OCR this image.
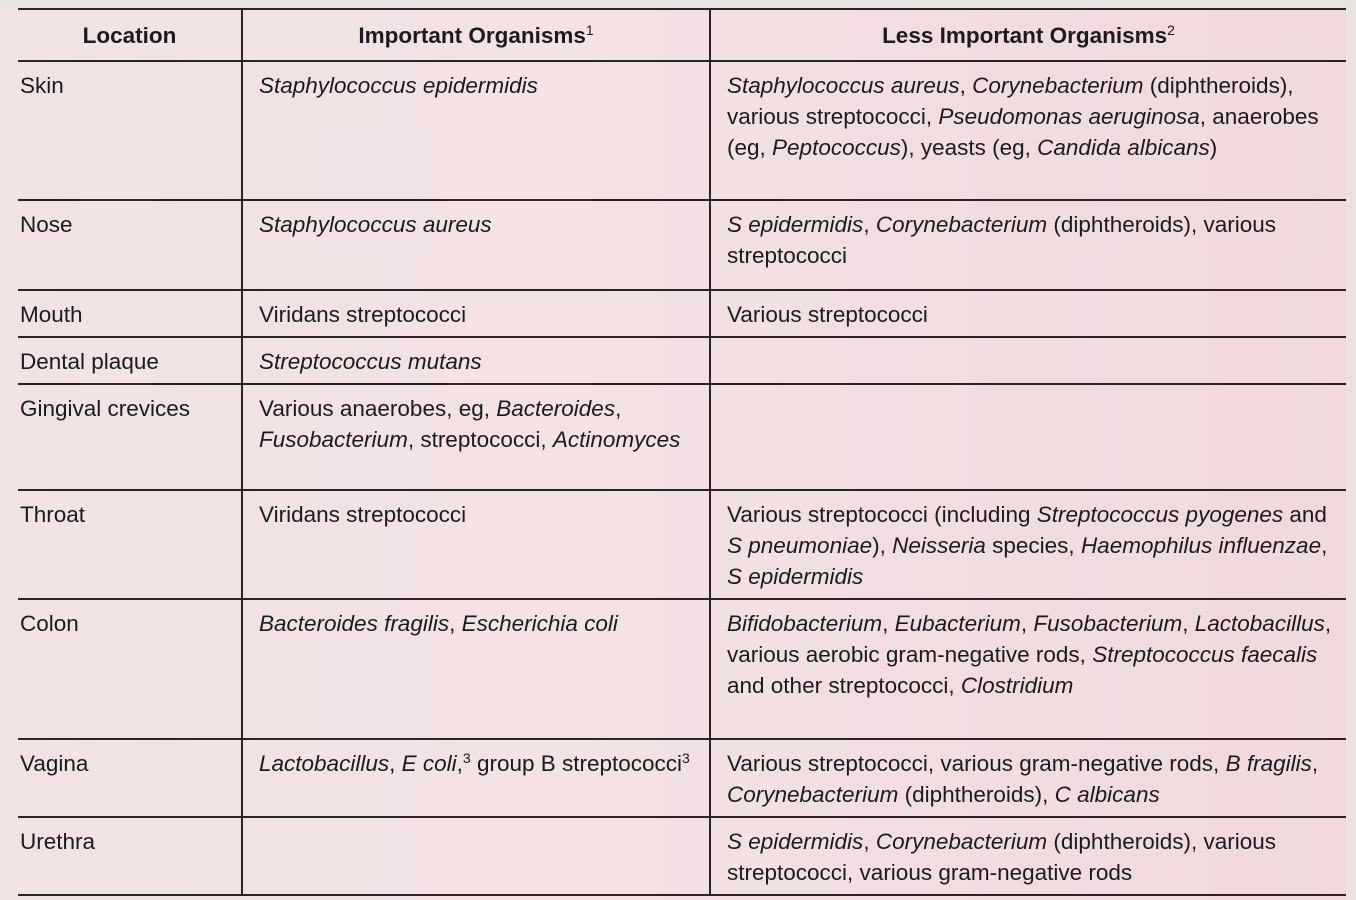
Location	Important Organisms$^1$	Less Important Organisms$^2$

Skin	Staphylococcus epidermidis	Staphylococcus aureus, Corynebacterium (diphtheroids), various streptococci, Pseudomonas aeruginosa, anaerobes (eg, Peptococcus), yeasts (eg, Candida albicans)

Nose	Staphylococcus aureus	S epidermidis, Corynebacterium (diphtheroids), various streptococci

Mouth	Viridans streptococci	Various streptococci

Dental plaque	Streptococcus mutans	

Gingival crevices	Various anaerobes, eg, Bacteroides, Fusobacterium, streptococci, Actinomyces	

Throat	Viridans streptococci	Various streptococci (including Streptococcus pyogenes and S pneumoniae), Neisseria species, Haemophilus influenzae, S epidermidis

Colon	Bacteroides fragilis, Escherichia coli	Bifidobacterium, Eubacterium, Fusobacterium, Lactobacillus, various aerobic gram-negative rods, Streptococcus faecalis and other streptococci, Clostridium

Vagina	Lactobacillus, E coli,$^3$ group B streptococci$^3$	Various streptococci, various gram-negative rods, B fragilis, Corynebacterium (diphtheroids), C albicans

Urethra		S epidermidis, Corynebacterium (diphtheroids), various streptococci, various gram-negative rods
